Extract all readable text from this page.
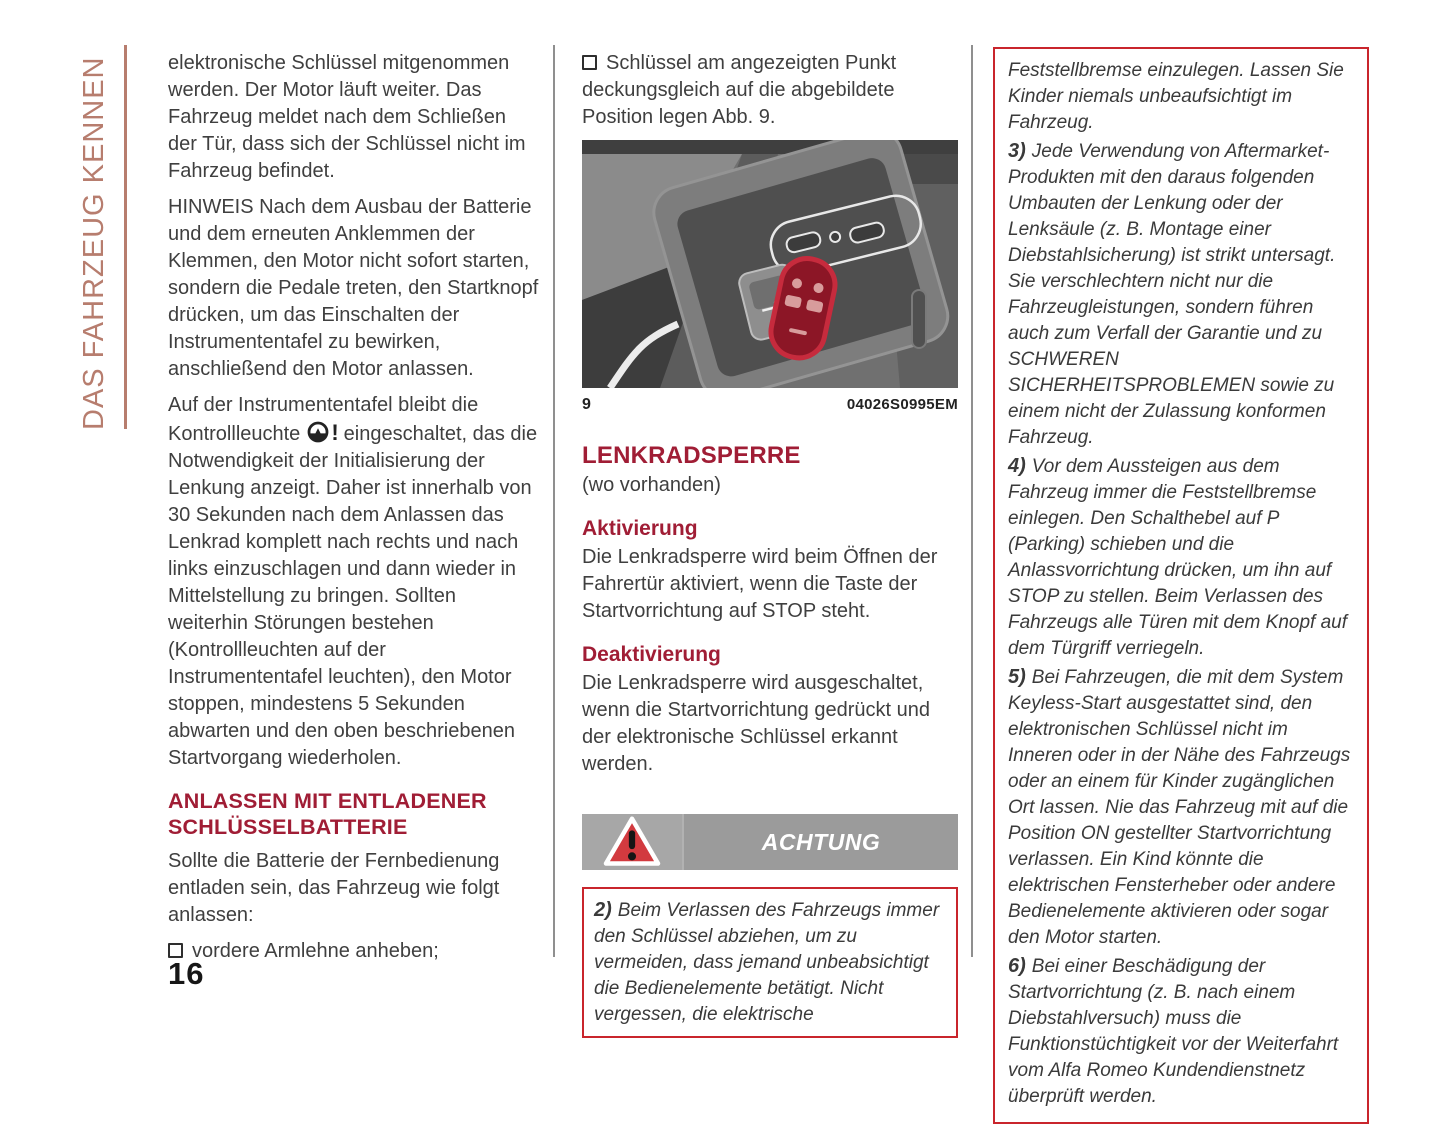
DAS FAHRZEUG KENNEN	elektronische Schlüssel mitgenommen werden. Der Motor läuft weiter. Das Fahrzeug meldet nach dem Schließen der Tür, dass sich der Schlüssel nicht im Fahrzeug befindet.

HINWEIS Nach dem Ausbau der Batterie und dem erneuten Anklemmen der Klemmen, den Motor nicht sofort starten, sondern die Pedale treten, den Startknopf drücken, um das Einschalten der Instrumententafel zu bewirken, anschließend den Motor anlassen.

Auf der Instrumententafel bleibt die Kontrollleuchte ! eingeschaltet, das die Notwendigkeit der Initialisierung der Lenkung anzeigt. Daher ist innerhalb von 30 Sekunden nach dem Anlassen das Lenkrad komplett nach rechts und nach links einzuschlagen und dann wieder in Mittelstellung zu bringen. Sollten weiterhin Störungen bestehen (Kontrollleuchten auf der Instrumententafel leuchten), den Motor stoppen, mindestens 5 Sekunden abwarten und den oben beschriebenen Startvorgang wiederholen.

ANLASSEN MIT ENTLADENER SCHLÜSSELBATTERIE

Sollte die Batterie der Fernbedienung entladen sein, das Fahrzeug wie folgt anlassen:

vordere Armlehne anheben;

Schlüssel am angezeigten Punkt deckungsgleich auf die abgebildete Position legen Abb. 9.

9	04026S0995EM
LENKRADSPERRE

(wo vorhanden)

Aktivierung

Die Lenkradsperre wird beim Öffnen der Fahrertür aktiviert, wenn die Taste der Startvorrichtung auf STOP steht.

Deaktivierung

Die Lenkradsperre wird ausgeschaltet, wenn die Startvorrichtung gedrückt und der elektronische Schlüssel erkannt werden.

ACHTUNG
2) Beim Verlassen des Fahrzeugs immer den Schlüssel abziehen, um zu vermeiden, dass jemand unbeabsichtigt die Bedienelemente betätigt. Nicht vergessen, die elektrische

Feststellbremse einzulegen. Lassen Sie Kinder niemals unbeaufsichtigt im Fahrzeug.

3) Jede Verwendung von Aftermarket-Produkten mit den daraus folgenden Umbauten der Lenkung oder der Lenksäule (z. B. Montage einer Diebstahlsicherung) ist strikt untersagt. Sie verschlechtern nicht nur die Fahrzeugleistungen, sondern führen auch zum Verfall der Garantie und zu SCHWEREN SICHERHEITSPROBLEMEN sowie zu einem nicht der Zulassung konformen Fahrzeug.

4) Vor dem Aussteigen aus dem Fahrzeug immer die Feststellbremse einlegen. Den Schalthebel auf P (Parking) schieben und die Anlassvorrichtung drücken, um ihn auf STOP zu stellen. Beim Verlassen des Fahrzeugs alle Türen mit dem Knopf auf dem Türgriff verriegeln.

5) Bei Fahrzeugen, die mit dem System Keyless-Start ausgestattet sind, den elektronischen Schlüssel nicht im Inneren oder in der Nähe des Fahrzeugs oder an einem für Kinder zugänglichen Ort lassen. Nie das Fahrzeug mit auf die Position ON gestellter Startvorrichtung verlassen. Ein Kind könnte die elektrischen Fensterheber oder andere Bedienelemente aktivieren oder sogar den Motor starten.

6) Bei einer Beschädigung der Startvorrichtung (z. B. nach einem Diebstahlversuch) muss die Funktionstüchtigkeit vor der Weiterfahrt vom Alfa Romeo Kundendienstnetz überprüft werden.

16
